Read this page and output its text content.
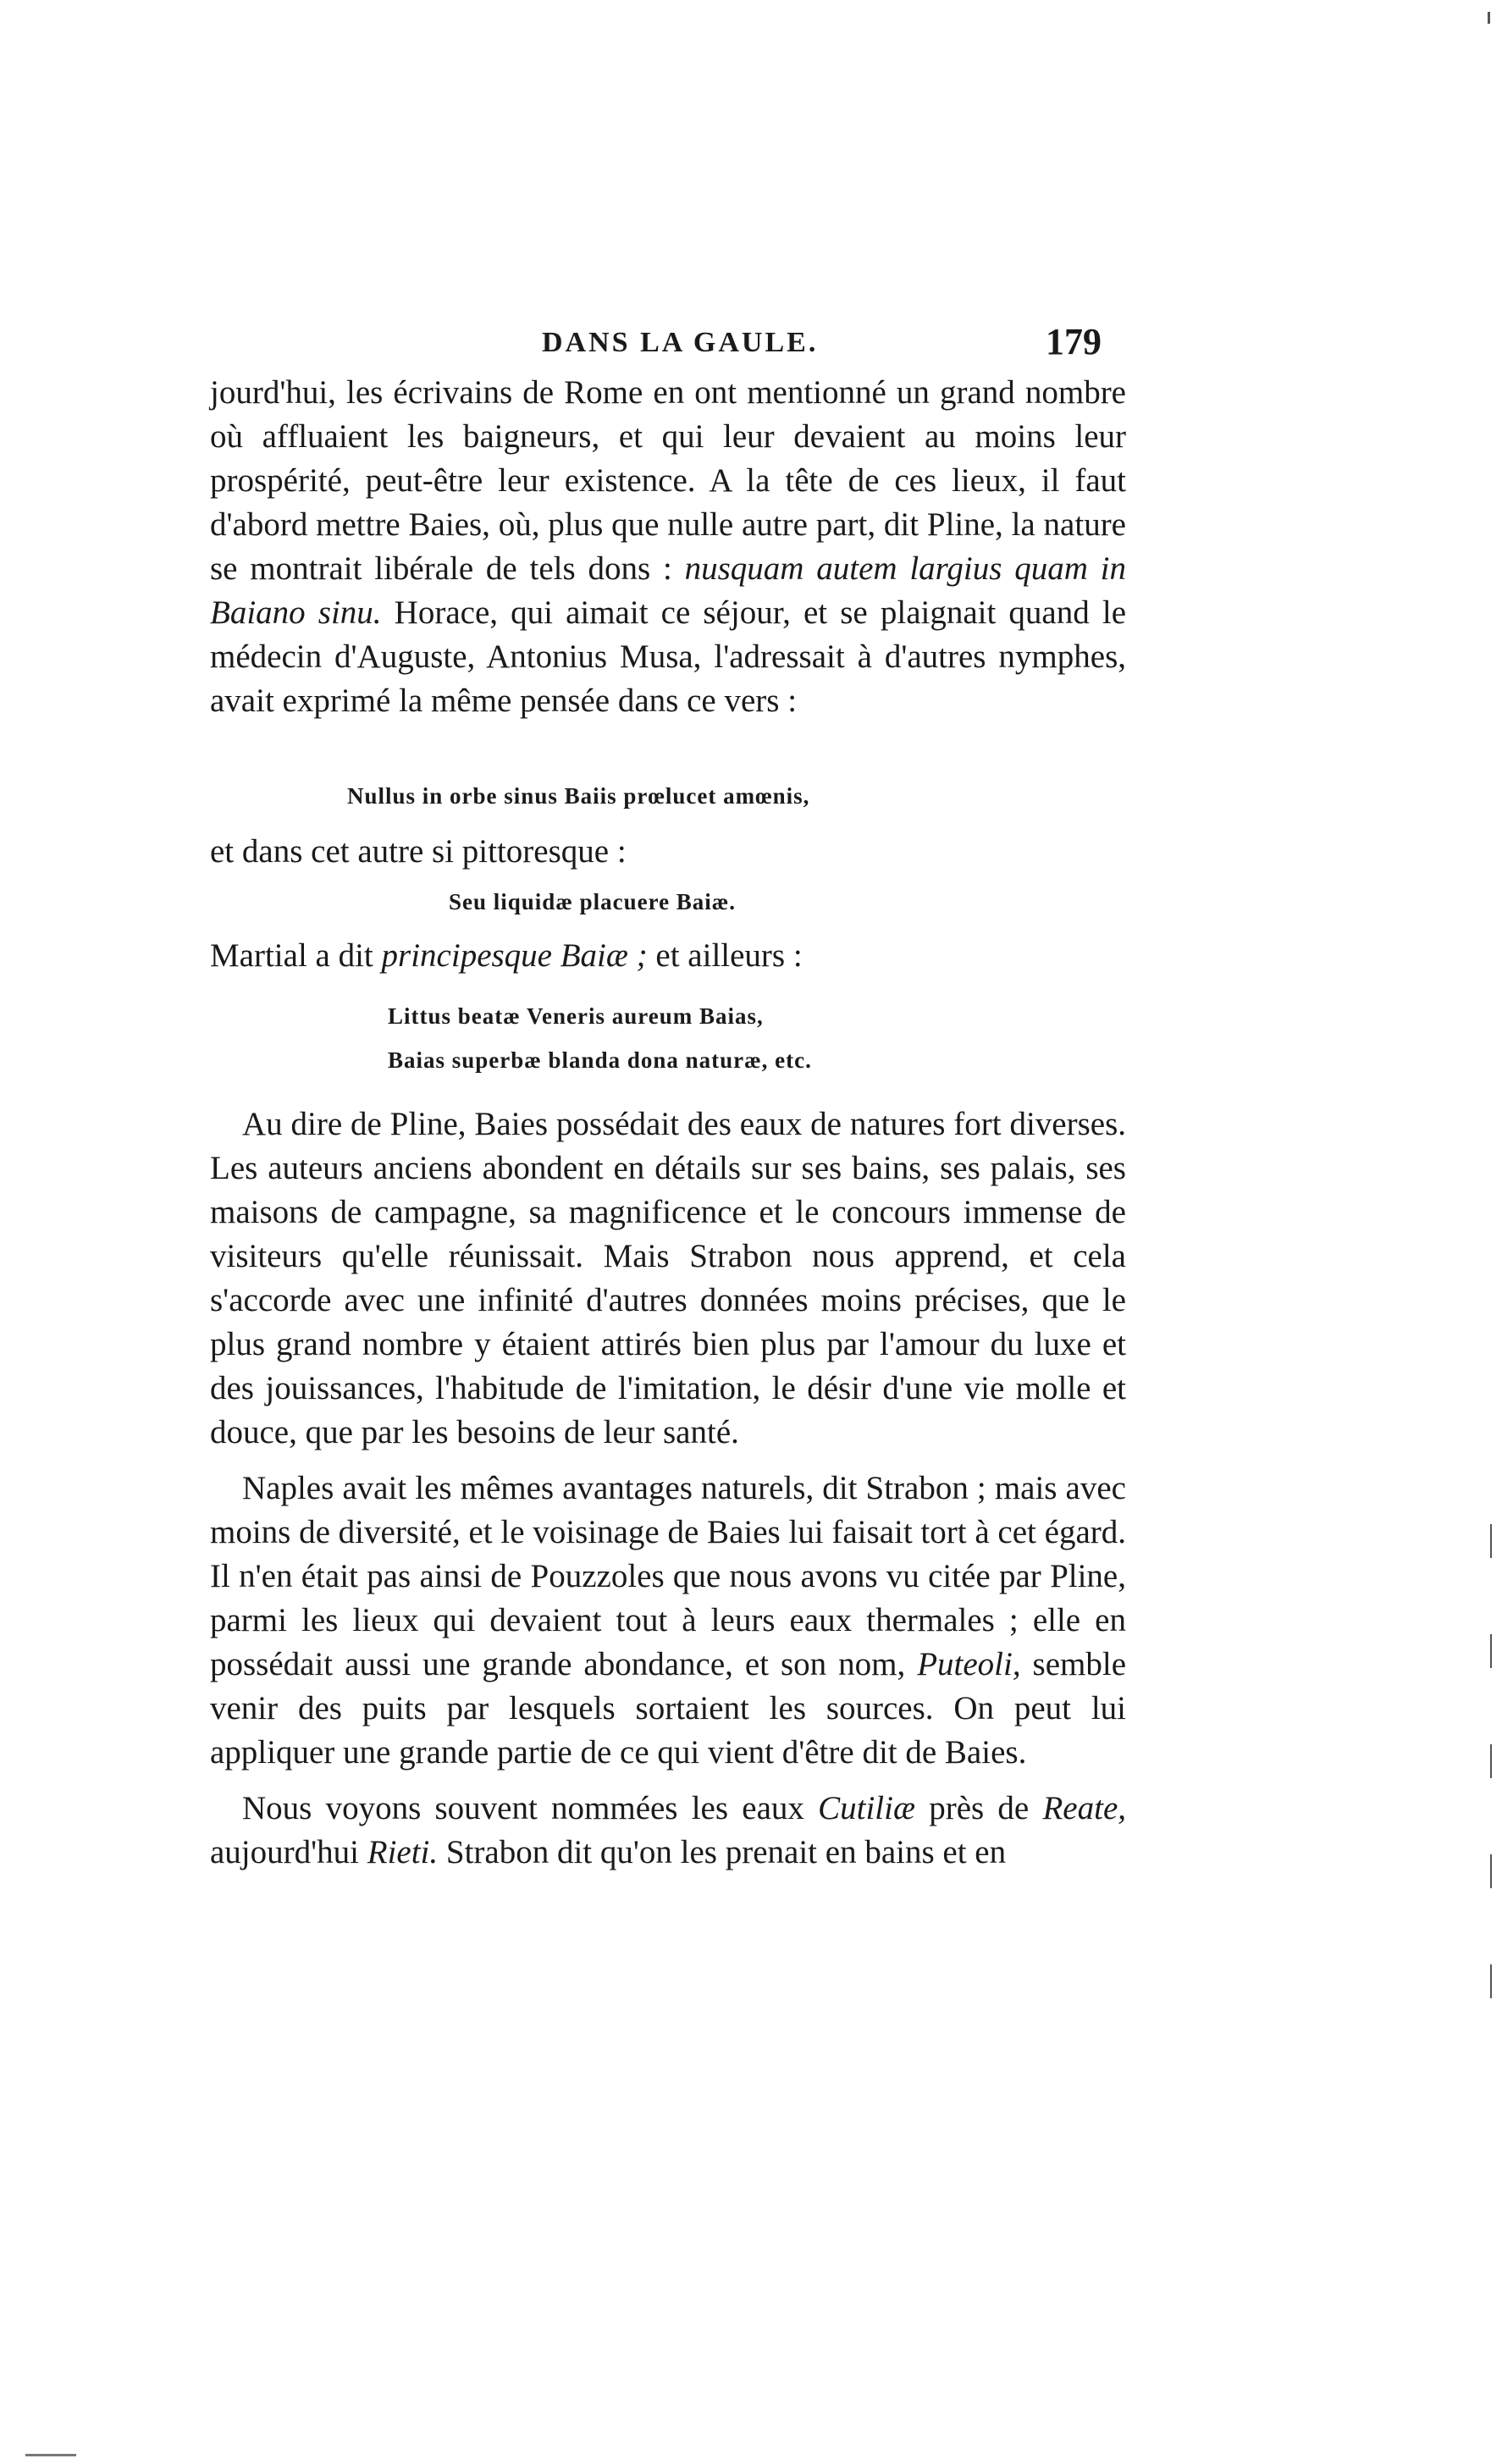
DANS LA GAULE.	179

jourd'hui, les écrivains de Rome en ont mentionné un grand nombre où affluaient les baigneurs, et qui leur devaient au moins leur prospérité, peut-être leur existence. A la tête de ces lieux, il faut d'abord mettre Baies, où, plus que nulle autre part, dit Pline, la nature se montrait libérale de tels dons : nusquam autem largius quam in Baiano sinu. Horace, qui aimait ce séjour, et se plaignait quand le médecin d'Auguste, Antonius Musa, l'adressait à d'autres nymphes, avait exprimé la même pensée dans ce vers :

Nullus in orbe sinus Baiis prœlucet amœnis,

et dans cet autre si pittoresque :

Seu liquidæ placuere Baiæ.

Martial a dit principesque Baiæ ; et ailleurs :

Littus beatæ Veneris aureum Baias,
Baias superbæ blanda dona naturæ, etc.

Au dire de Pline, Baies possédait des eaux de natures fort diverses. Les auteurs anciens abondent en détails sur ses bains, ses palais, ses maisons de campagne, sa magnificence et le concours immense de visiteurs qu'elle réunissait. Mais Strabon nous apprend, et cela s'accorde avec une infinité d'autres données moins précises, que le plus grand nombre y étaient attirés bien plus par l'amour du luxe et des jouissances, l'habitude de l'imitation, le désir d'une vie molle et douce, que par les besoins de leur santé.

Naples avait les mêmes avantages naturels, dit Strabon ; mais avec moins de diversité, et le voisinage de Baies lui faisait tort à cet égard. Il n'en était pas ainsi de Pouzzoles que nous avons vu citée par Pline, parmi les lieux qui devaient tout à leurs eaux thermales ; elle en possédait aussi une grande abondance, et son nom, Puteoli, semble venir des puits par lesquels sortaient les sources. On peut lui appliquer une grande partie de ce qui vient d'être dit de Baies.

Nous voyons souvent nommées les eaux Cutiliæ près de Reate, aujourd'hui Rieti. Strabon dit qu'on les prenait en bains et en
